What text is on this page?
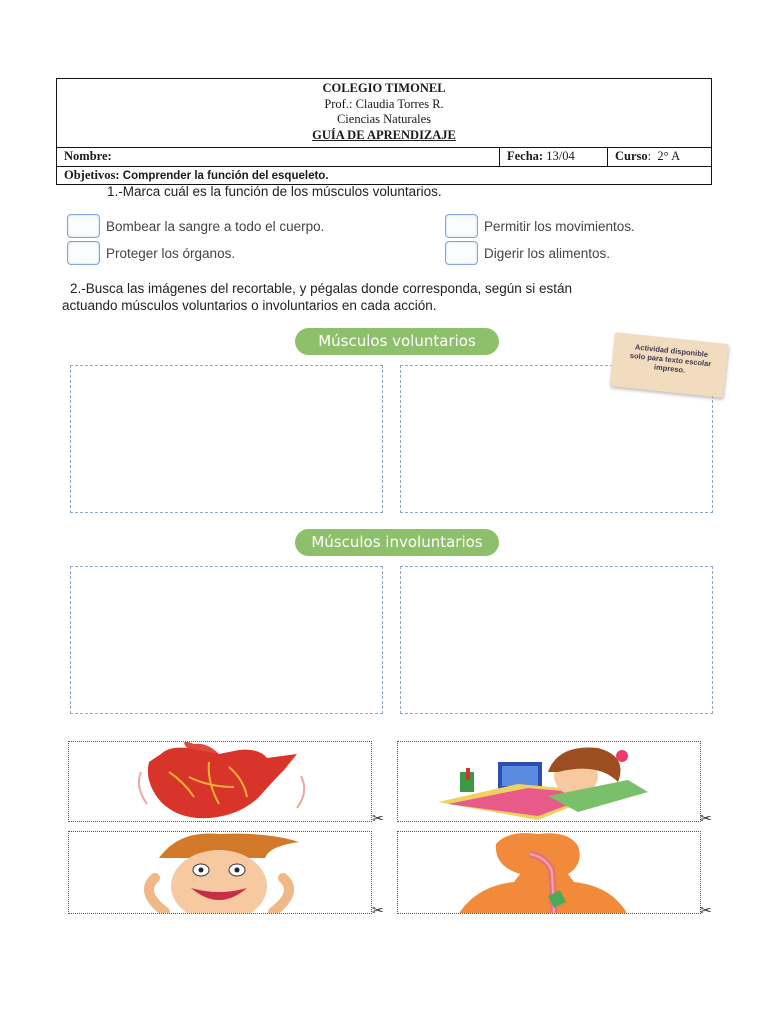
COLEGIO TIMONEL
Prof.: Claudia Torres R.
Ciencias Naturales
GUÍA DE APRENDIZAJE
Nombre:	Fecha: 13/04	Curso:  2° A
Objetivos: Comprender la función del esqueleto.
1.-Marca cuál es la función de los músculos voluntarios.
Bombear la sangre a todo el cuerpo.	Permitir los movimientos.
Proteger los órganos.	Digerir los alimentos.
2.-Busca las imágenes del recortable, y pégalas donde corresponda, según si están
actuando músculos voluntarios o involuntarios en cada acción.
Músculos voluntarios
Actividad disponible solo para texto escolar impreso.
Músculos involuntarios
✂	✂
✂	✂
